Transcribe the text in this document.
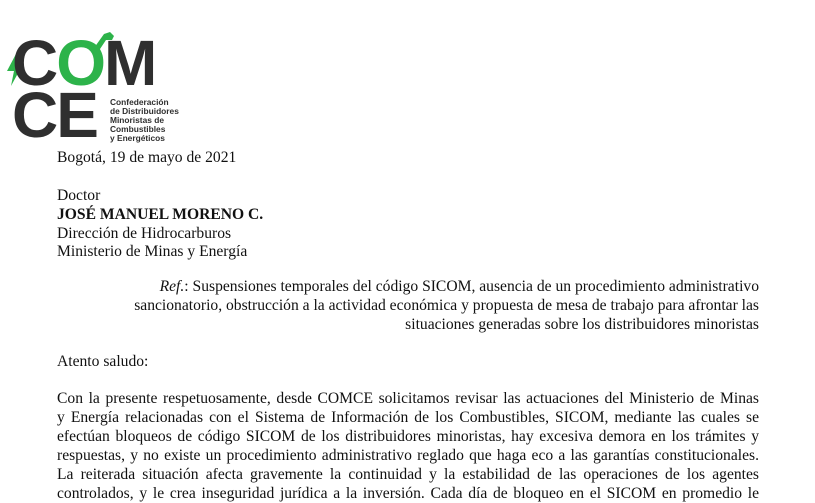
COM
CE Confederación
de Distribuidores
Minoristas de
Combustibles
y Energéticos
Bogotá, 19 de mayo de 2021
Doctor
JOSÉ MANUEL MORENO C.
Dirección de Hidrocarburos
Ministerio de Minas y Energía
Ref.: Suspensiones temporales del código SICOM, ausencia de un procedimiento administrativo
sancionatorio, obstrucción a la actividad económica y propuesta de mesa de trabajo para afrontar las
situaciones generadas sobre los distribuidores minoristas
Atento saludo:
Con la presente respetuosamente, desde COMCE solicitamos revisar las actuaciones del Ministerio de Minas
y Energía relacionadas con el Sistema de Información de los Combustibles, SICOM, mediante las cuales se
efectúan bloqueos de código SICOM de los distribuidores minoristas, hay excesiva demora en los trámites y
respuestas, y no existe un procedimiento administrativo reglado que haga eco a las garantías constitucionales.
La reiterada situación afecta gravemente la continuidad y la estabilidad de las operaciones de los agentes
controlados, y le crea inseguridad jurídica a la inversión. Cada día de bloqueo en el SICOM en promedio le
